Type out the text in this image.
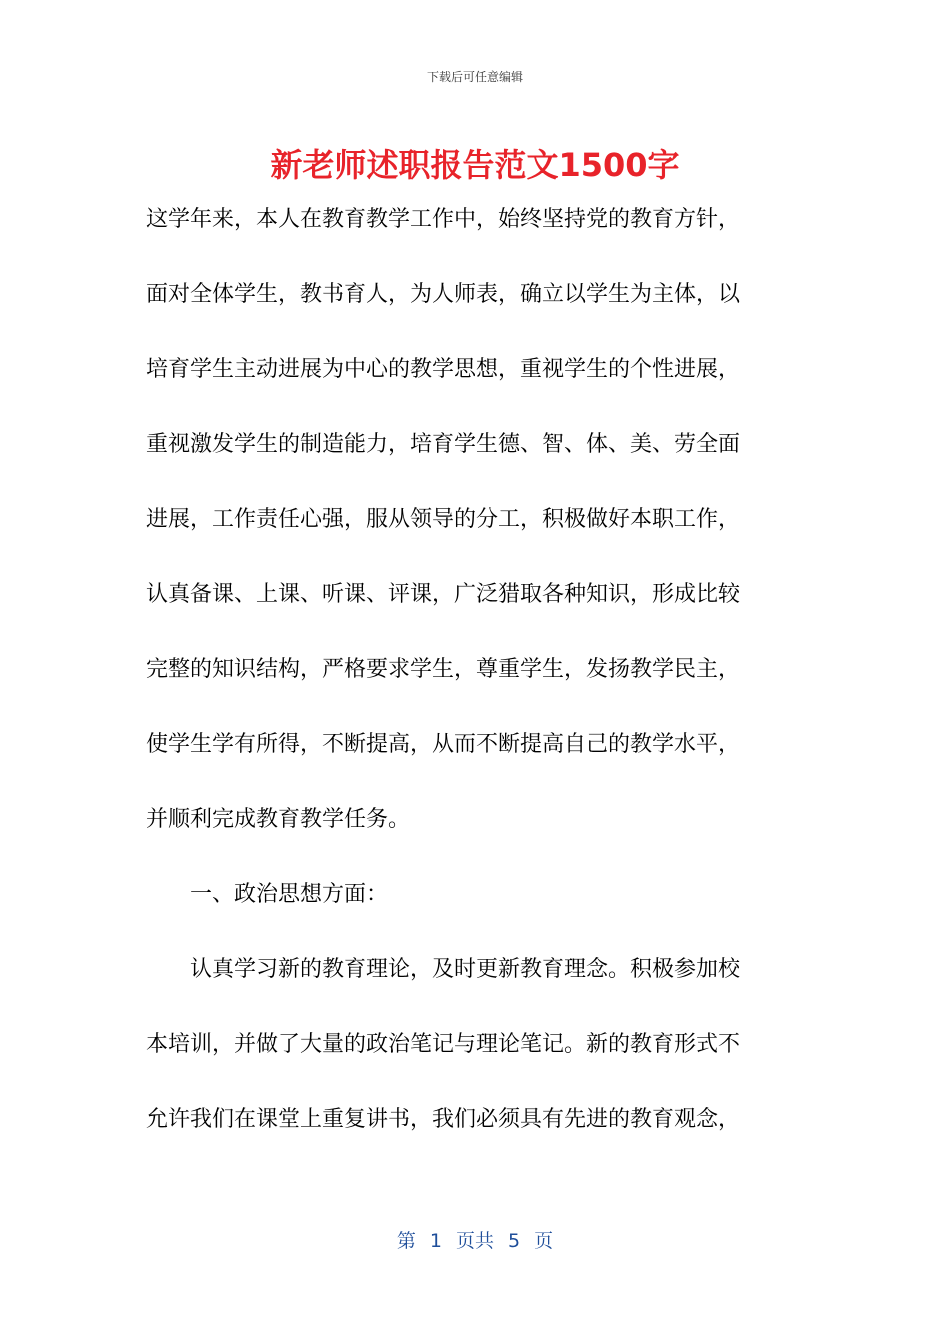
下载后可任意编辑
新老师述职报告范文1500字
这学年来，本人在教育教学工作中，始终坚持党的教育方针，
面对全体学生，教书育人，为人师表，确立以学生为主体，以
培育学生主动进展为中心的教学思想，重视学生的个性进展，
重视激发学生的制造能力，培育学生德、智、体、美、劳全面
进展，工作责任心强，服从领导的分工，积极做好本职工作，
认真备课、上课、听课、评课，广泛猎取各种知识，形成比较
完整的知识结构，严格要求学生，尊重学生，发扬教学民主，
使学生学有所得，不断提高，从而不断提高自己的教学水平，
并顺利完成教育教学任务。
　　一、政治思想方面：
　　认真学习新的教育理论，及时更新教育理念。积极参加校
本培训，并做了大量的政治笔记与理论笔记。新的教育形式不
允许我们在课堂上重复讲书，我们必须具有先进的教育观念，
第 1 页共 5 页
